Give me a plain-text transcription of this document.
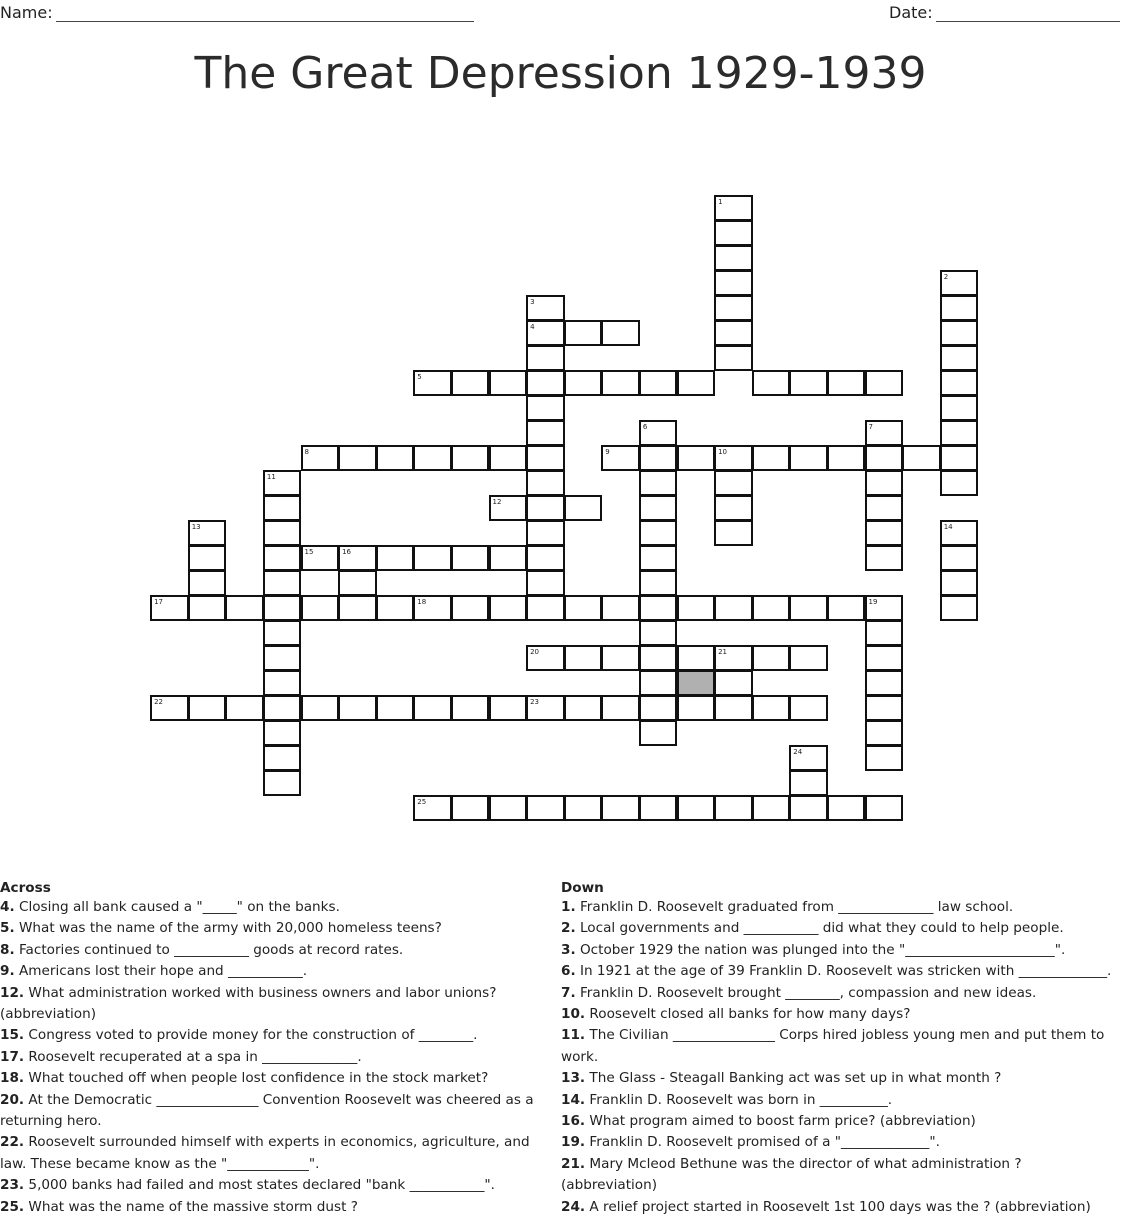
Name:	Date:
The Great Depression 1929-1939
1
2
3
4
5
6	7
8	9	10
11
12
13	14
15	16
17	18	19
20	21
22	23
24
25
Across
4. Closing all bank caused a "_____" on the banks.
5. What was the name of the army with 20,000 homeless teens?
8. Factories continued to ___________ goods at record rates.
9. Americans lost their hope and ___________.
12. What administration worked with business owners and labor unions? (abbreviation)
15. Congress voted to provide money for the construction of ________.
17. Roosevelt recuperated at a spa in ______________.
18. What touched off when people lost confidence in the stock market?
20. At the Democratic _______________ Convention Roosevelt was cheered as a returning hero.
22. Roosevelt surrounded himself with experts in economics, agriculture, and law. These became know as the "____________".
23. 5,000 banks had failed and most states declared "bank ___________".
25. What was the name of the massive storm dust ?
Down
1. Franklin D. Roosevelt graduated from ______________ law school.
2. Local governments and ___________ did what they could to help people.
3. October 1929 the nation was plunged into the "______________________".
6. In 1921 at the age of 39 Franklin D. Roosevelt was stricken with _____________.
7. Franklin D. Roosevelt brought ________, compassion and new ideas.
10. Roosevelt closed all banks for how many days?
11. The Civilian _______________ Corps hired jobless young men and put them to work.
13. The Glass - Steagall Banking act was set up in what month ?
14. Franklin D. Roosevelt was born in __________.
16. What program aimed to boost farm price? (abbreviation)
19. Franklin D. Roosevelt promised of a "_____________".
21. Mary Mcleod Bethune was the director of what administration ? (abbreviation)
24. A relief project started in Roosevelt 1st 100 days was the ? (abbreviation)
